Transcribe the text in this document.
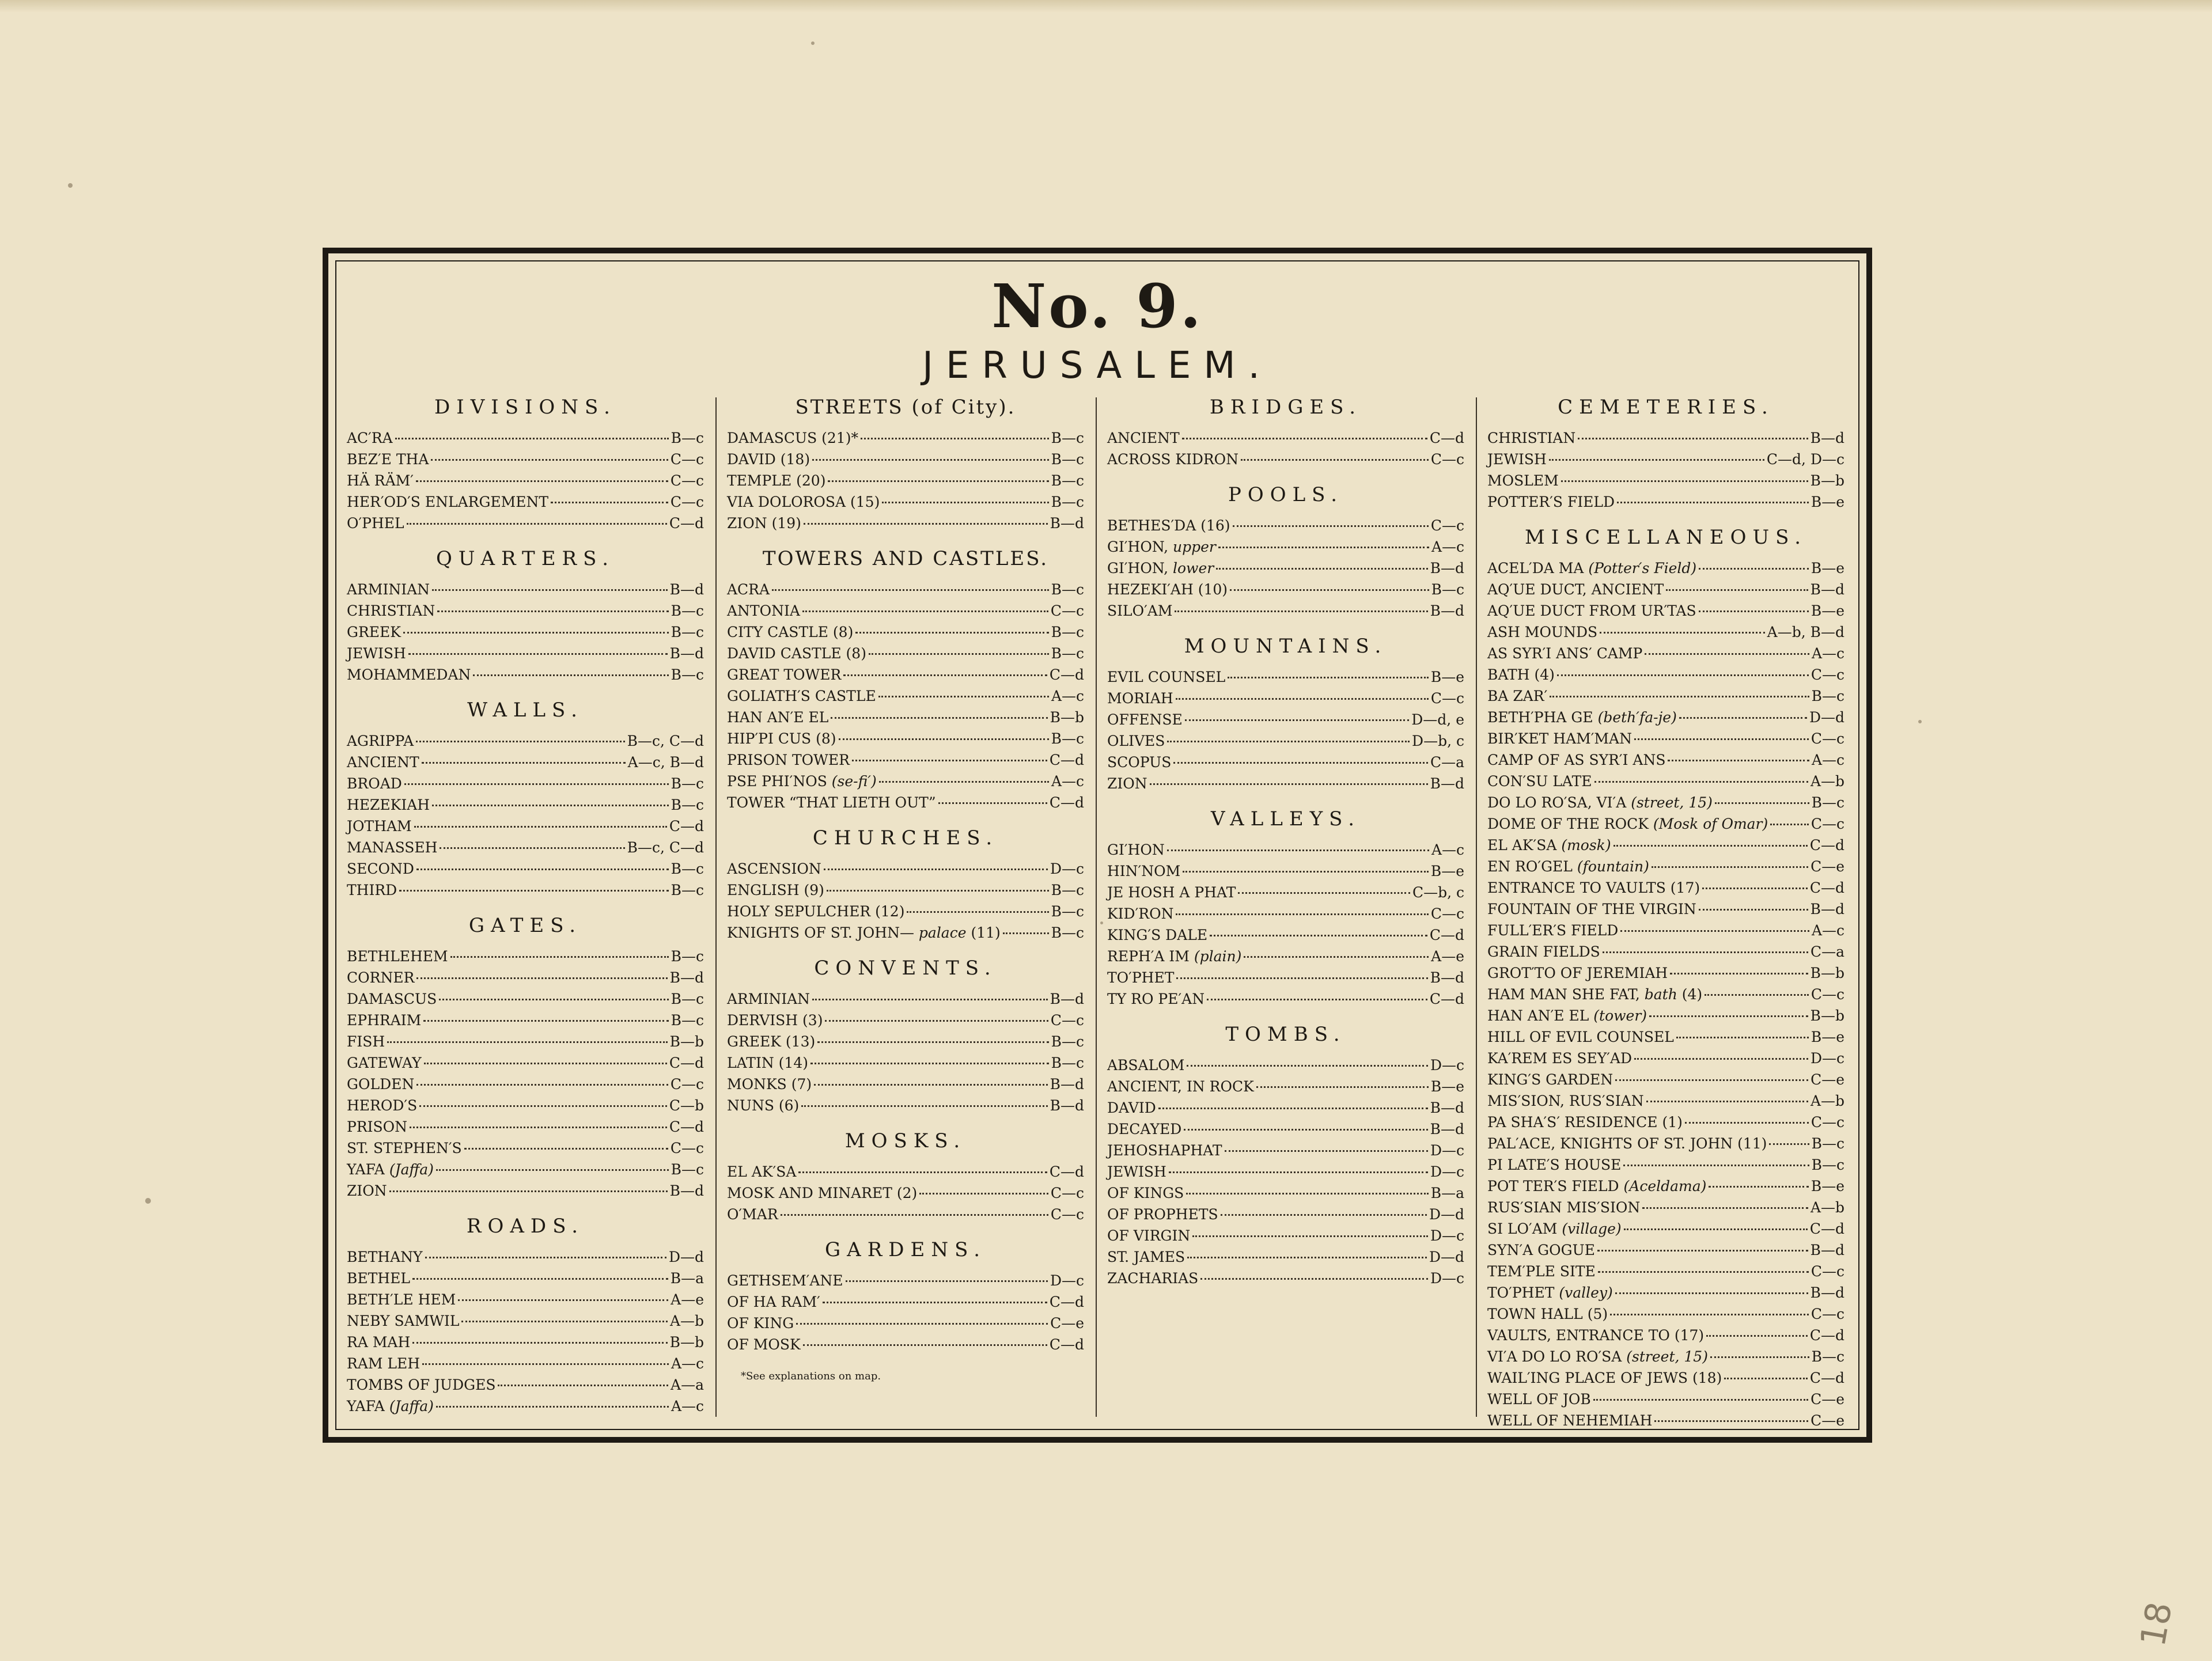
18
No. 9.
JERUSALEM.
DIVISIONS.
AC′RA	B—c
BEZ′E THA	C—c
HÄ RÄM′	C—c
HER′OD′S ENLARGEMENT	C—c
O′PHEL	C—d
QUARTERS.
ARMINIAN	B—d
CHRISTIAN	B—c
GREEK	B—c
JEWISH	B—d
MOHAMMEDAN	B—c
WALLS.
AGRIPPA	B—c, C—d
ANCIENT	A—c, B—d
BROAD	B—c
HEZEKIAH	B—c
JOTHAM	C—d
MANASSEH	B—c, C—d
SECOND	B—c
THIRD	B—c
GATES.
BETHLEHEM	B—c
CORNER	B—d
DAMASCUS	B—c
EPHRAIM	B—c
FISH	B—b
GATEWAY	C—d
GOLDEN	C—c
HEROD′S	C—b
PRISON	C—d
ST. STEPHEN′S	C—c
YAFA (Jaffa)	B—c
ZION	B—d
ROADS.
BETHANY	D—d
BETHEL	B—a
BETH′LE HEM	A—e
NEBY SAMWIL	A—b
RA MAH	B—b
RAM LEH	A—c
TOMBS OF JUDGES	A—a
YAFA (Jaffa)	A—c
STREETS (of City).
DAMASCUS (21)*	B—c
DAVID (18)	B—c
TEMPLE (20)	B—c
VIA DOLOROSA (15)	B—c
ZION (19)	B—d
TOWERS AND CASTLES.
ACRA	B—c
ANTONIA	C—c
CITY CASTLE (8)	B—c
DAVID CASTLE (8)	B—c
GREAT TOWER	C—d
GOLIATH′S CASTLE	A—c
HAN AN′E EL	B—b
HIP′PI CUS (8)	B—c
PRISON TOWER	C—d
PSE PHI′NOS (se-fi′)	A—c
TOWER “THAT LIETH OUT”	C—d
CHURCHES.
ASCENSION	D—c
ENGLISH (9)	B—c
HOLY SEPULCHER (12)	B—c
KNIGHTS OF ST. JOHN— palace (11)	B—c
CONVENTS.
ARMINIAN	B—d
DERVISH (3)	C—c
GREEK (13)	B—c
LATIN (14)	B—c
MONKS (7)	B—d
NUNS (6)	B—d
MOSKS.
EL AK′SA	C—d
MOSK AND MINARET (2)	C—c
O′MAR	C—c
GARDENS.
GETHSEM′ANE	D—c
OF HA RAM′	C—d
OF KING	C—e
OF MOSK	C—d
*See explanations on map.
BRIDGES.
ANCIENT	C—d
ACROSS KIDRON	C—c
POOLS.
BETHES′DA (16)	C—c
GI′HON, upper	A—c
GI′HON, lower	B—d
HEZEKI′AH (10)	B—c
SILO′AM	B—d
MOUNTAINS.
EVIL COUNSEL	B—e
MORIAH	C—c
OFFENSE	D—d, e
OLIVES	D—b, c
SCOPUS	C—a
ZION	B—d
VALLEYS.
GI′HON	A—c
HIN′NOM	B—e
JE HOSH A PHAT	C—b, c
KID′RON	C—c
KING′S DALE	C—d
REPH′A IM (plain)	A—e
TO′PHET	B—d
TY RO PE′AN	C—d
TOMBS.
ABSALOM	D—c
ANCIENT, IN ROCK	B—e
DAVID	B—d
DECAYED	B—d
JEHOSHAPHAT	D—c
JEWISH	D—c
OF KINGS	B—a
OF PROPHETS	D—d
OF VIRGIN	D—c
ST. JAMES	D—d
ZACHARIAS	D—c
CEMETERIES.
CHRISTIAN	B—d
JEWISH	C—d, D—c
MOSLEM	B—b
POTTER′S FIELD	B—e
MISCELLANEOUS.
ACEL′DA MA (Potter′s Field)	B—e
AQ′UE DUCT, ANCIENT	B—d
AQ′UE DUCT FROM UR′TAS	B—e
ASH MOUNDS	A—b, B—d
AS SYR′I ANS′ CAMP	A—c
BATH (4)	C—c
BA ZAR′	B—c
BETH′PHA GE (beth′fa-je)	D—d
BIR′KET HAM′MAN	C—c
CAMP OF AS SYR′I ANS	A—c
CON′SU LATE	A—b
DO LO RO′SA, VI′A (street, 15)	B—c
DOME OF THE ROCK (Mosk of Omar)	C—c
EL AK′SA (mosk)	C—d
EN RO′GEL (fountain)	C—e
ENTRANCE TO VAULTS (17)	C—d
FOUNTAIN OF THE VIRGIN	B—d
FULL′ER′S FIELD	A—c
GRAIN FIELDS	C—a
GROT′TO OF JEREMIAH	B—b
HAM MAN SHE FAT, bath (4)	C—c
HAN AN′E EL (tower)	B—b
HILL OF EVIL COUNSEL	B—e
KA′REM ES SEY′AD	D—c
KING′S GARDEN	C—e
MIS′SION, RUS′SIAN	A—b
PA SHA′S′ RESIDENCE (1)	C—c
PAL′ACE, KNIGHTS OF ST. JOHN (11)	B—c
PI LATE′S HOUSE	B—c
POT TER′S FIELD (Aceldama)	B—e
RUS′SIAN MIS′SION	A—b
SI LO′AM (village)	C—d
SYN′A GOGUE	B—d
TEM′PLE SITE	C—c
TO′PHET (valley)	B—d
TOWN HALL (5)	C—c
VAULTS, ENTRANCE TO (17)	C—d
VI′A DO LO RO′SA (street, 15)	B—c
WAIL′ING PLACE OF JEWS (18)	C—d
WELL OF JOB	C—e
WELL OF NEHEMIAH	C—e
